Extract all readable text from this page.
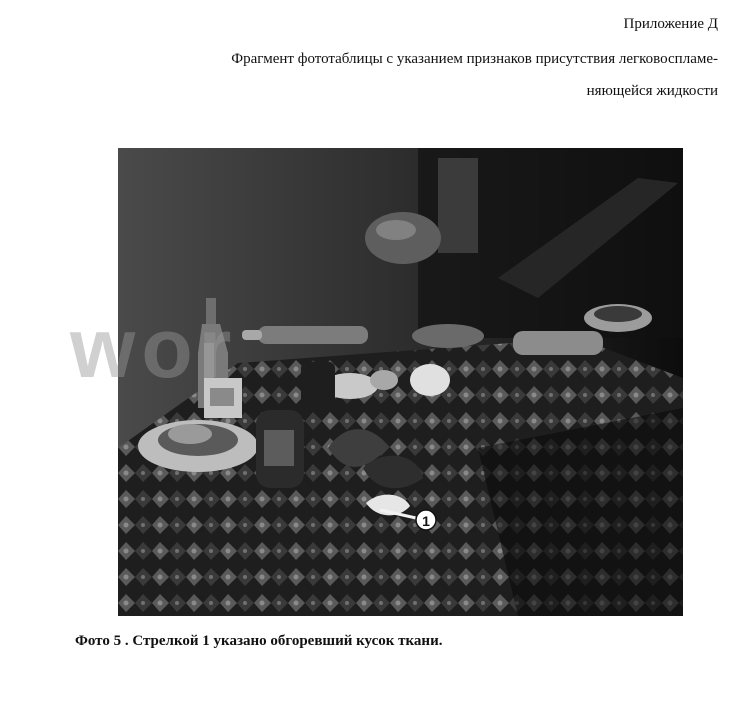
Приложение Д
Фрагмент фототаблицы с указанием признаков присутствия легковоспламе-
няющейся жидкости
1
wor
Фото 5 . Стрелкой 1 указано обгоревший кусок ткани.
